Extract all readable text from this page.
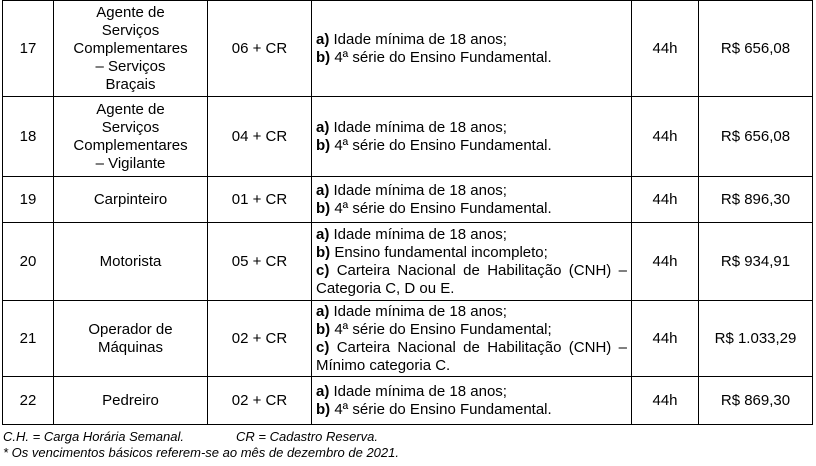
17	Agente de
Serviços
Complementares
– Serviços
Braçais	06 + CR	a) Idade mínima de 18 anos;
b) 4ª série do Ensino Fundamental.	44h	R$ 656,08
18	Agente de
Serviços
Complementares
– Vigilante	04 + CR	a) Idade mínima de 18 anos;
b) 4ª série do Ensino Fundamental.	44h	R$ 656,08
19	Carpinteiro	01 + CR	a) Idade mínima de 18 anos;
b) 4ª série do Ensino Fundamental.	44h	R$ 896,30
20	Motorista	05 + CR	a) Idade mínima de 18 anos;
b) Ensino fundamental incompleto;
c) Carteira Nacional de Habilitação (CNH) – Categoria C, D ou E.	44h	R$ 934,91
21	Operador de
Máquinas	02 + CR	a) Idade mínima de 18 anos;
b) 4ª série do Ensino Fundamental;
c) Carteira Nacional de Habilitação (CNH) – Mínimo categoria C.	44h	R$ 1.033,29
22	Pedreiro	02 + CR	a) Idade mínima de 18 anos;
b) 4ª série do Ensino Fundamental.	44h	R$ 869,30
C.H. = Carga Horária Semanal.	CR = Cadastro Reserva.
* Os vencimentos básicos referem-se ao mês de dezembro de 2021.
